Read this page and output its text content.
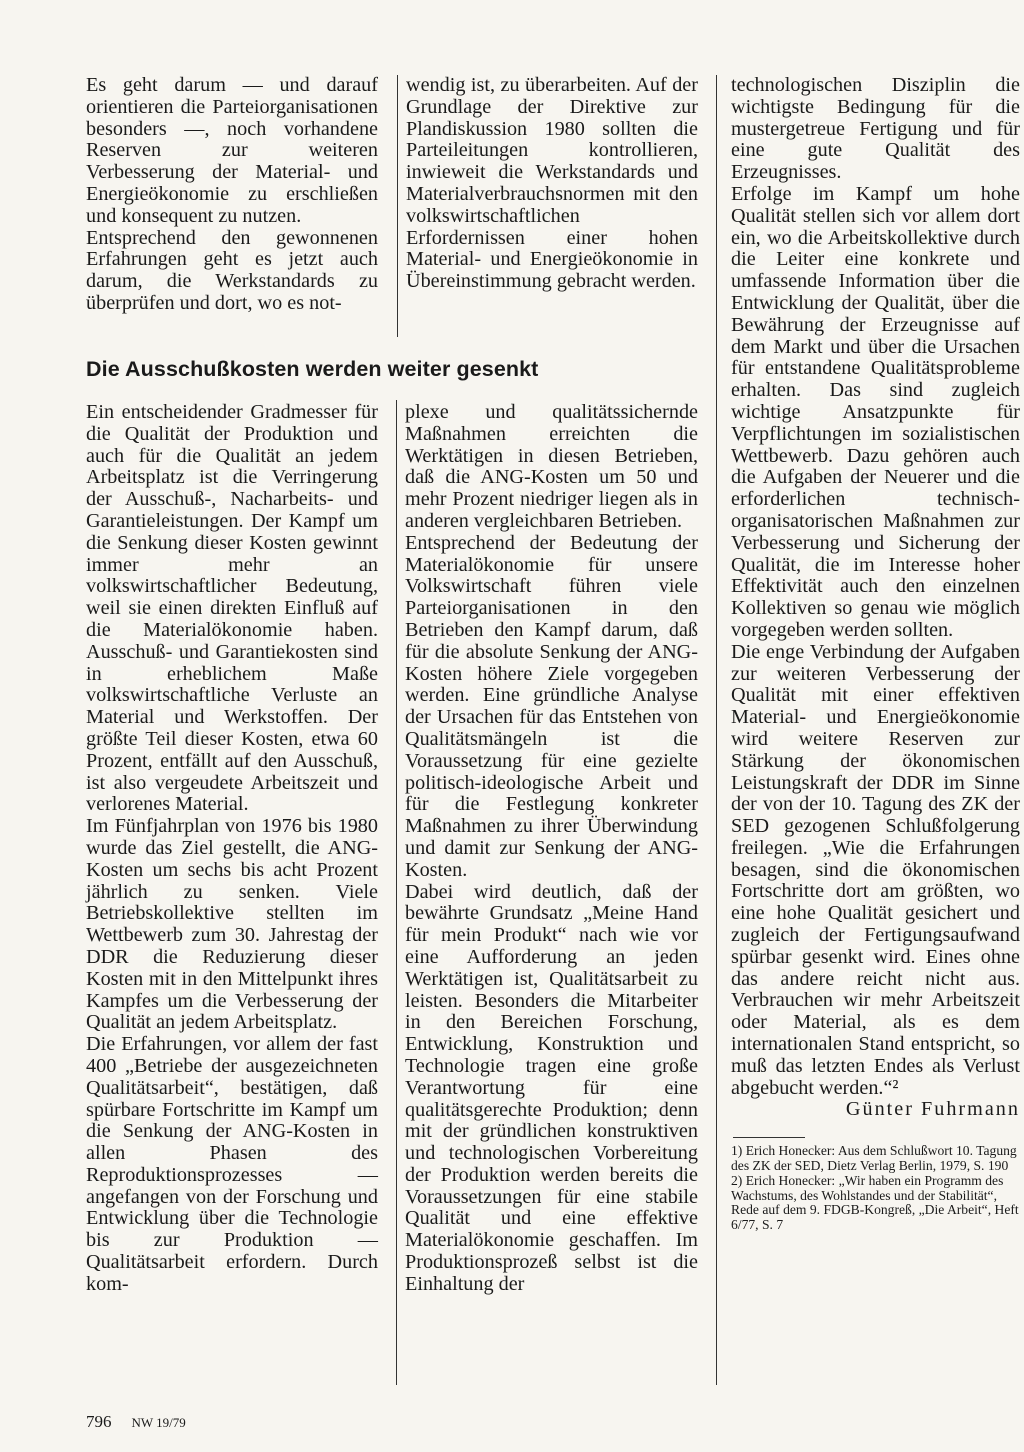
Es geht darum — und darauf orientieren die Parteiorganisationen besonders —, noch vorhandene Reserven zur weiteren Verbesserung der Material- und Energieökonomie zu erschließen und konsequent zu nutzen.

Entsprechend den gewonnenen Erfahrungen geht es jetzt auch darum, die Werkstandards zu überprüfen und dort, wo es not-

wendig ist, zu überarbeiten. Auf der Grundlage der Direktive zur Plandiskussion 1980 sollten die Parteileitungen kontrollieren, inwieweit die Werkstandards und Materialverbrauchsnormen mit den volkswirtschaftlichen Erfordernissen einer hohen Material- und Energieökonomie in Übereinstimmung gebracht werden.

Die Ausschußkosten werden weiter gesenkt

Ein entscheidender Gradmesser für die Qualität der Produktion und auch für die Qualität an jedem Arbeitsplatz ist die Verringerung der Ausschuß-, Nacharbeits- und Garantieleistungen. Der Kampf um die Senkung dieser Kosten gewinnt immer mehr an volkswirtschaftlicher Bedeutung, weil sie einen direkten Einfluß auf die Materialökonomie haben. Ausschuß- und Garantiekosten sind in erheblichem Maße volkswirtschaftliche Verluste an Material und Werkstoffen. Der größte Teil dieser Kosten, etwa 60 Prozent, entfällt auf den Ausschuß, ist also vergeudete Arbeitszeit und verlorenes Material.

Im Fünfjahrplan von 1976 bis 1980 wurde das Ziel gestellt, die ANG-Kosten um sechs bis acht Prozent jährlich zu senken. Viele Betriebskollektive stellten im Wettbewerb zum 30. Jahrestag der DDR die Reduzierung dieser Kosten mit in den Mittelpunkt ihres Kampfes um die Verbesserung der Qualität an jedem Arbeitsplatz.

Die Erfahrungen, vor allem der fast 400 „Betriebe der ausgezeichneten Qualitätsarbeit“, bestätigen, daß spürbare Fortschritte im Kampf um die Senkung der ANG-Kosten in allen Phasen des Reproduktionsprozesses — angefangen von der Forschung und Entwicklung über die Technologie bis zur Produktion — Qualitätsarbeit erfordern. Durch kom-

plexe und qualitätssichernde Maßnahmen erreichten die Werktätigen in diesen Betrieben, daß die ANG-Kosten um 50 und mehr Prozent niedriger liegen als in anderen vergleichbaren Betrieben.

Entsprechend der Bedeutung der Materialökonomie für unsere Volkswirtschaft führen viele Parteiorganisationen in den Betrieben den Kampf darum, daß für die absolute Senkung der ANG-Kosten höhere Ziele vorgegeben werden. Eine gründliche Analyse der Ursachen für das Entstehen von Qualitätsmängeln ist die Voraussetzung für eine gezielte politisch-ideologische Arbeit und für die Festlegung konkreter Maßnahmen zu ihrer Überwindung und damit zur Senkung der ANG-Kosten.

Dabei wird deutlich, daß der bewährte Grundsatz „Meine Hand für mein Produkt“ nach wie vor eine Aufforderung an jeden Werktätigen ist, Qualitätsarbeit zu leisten. Besonders die Mitarbeiter in den Bereichen Forschung, Entwicklung, Konstruktion und Technologie tragen eine große Verantwortung für eine qualitätsgerechte Produktion; denn mit der gründlichen konstruktiven und technologischen Vorbereitung der Produktion werden bereits die Voraussetzungen für eine stabile Qualität und eine effektive Materialökonomie geschaffen. Im Produktionsprozeß selbst ist die Einhaltung der

technologischen Disziplin die wichtigste Bedingung für die mustergetreue Fertigung und für eine gute Qualität des Erzeugnisses.

Erfolge im Kampf um hohe Qualität stellen sich vor allem dort ein, wo die Arbeitskollektive durch die Leiter eine konkrete und umfassende Information über die Entwicklung der Qualität, über die Bewährung der Erzeugnisse auf dem Markt und über die Ursachen für entstandene Qualitätsprobleme erhalten. Das sind zugleich wichtige Ansatzpunkte für Verpflichtungen im sozialistischen Wettbewerb. Dazu gehören auch die Aufgaben der Neuerer und die erforderlichen technisch-organisatorischen Maßnahmen zur Verbesserung und Sicherung der Qualität, die im Interesse hoher Effektivität auch den einzelnen Kollektiven so genau wie möglich vorgegeben werden sollten.

Die enge Verbindung der Aufgaben zur weiteren Verbesserung der Qualität mit einer effektiven Material- und Energieökonomie wird weitere Reserven zur Stärkung der ökonomischen Leistungskraft der DDR im Sinne der von der 10. Tagung des ZK der SED gezogenen Schlußfolgerung freilegen. „Wie die Erfahrungen besagen, sind die ökonomischen Fortschritte dort am größten, wo eine hohe Qualität gesichert und zugleich der Fertigungsaufwand spürbar gesenkt wird. Eines ohne das andere reicht nicht aus. Verbrauchen wir mehr Arbeitszeit oder Material, als es dem internationalen Stand entspricht, so muß das letzten Endes als Verlust abgebucht werden.“²

Günter Fuhrmann

1) Erich Honecker: Aus dem Schlußwort 10. Tagung des ZK der SED, Dietz Verlag Berlin, 1979, S. 190

2) Erich Honecker: „Wir haben ein Programm des Wachstums, des Wohlstandes und der Stabilität“, Rede auf dem 9. FDGB-Kongreß, „Die Arbeit“, Heft 6/77, S. 7

796 NW 19/79
